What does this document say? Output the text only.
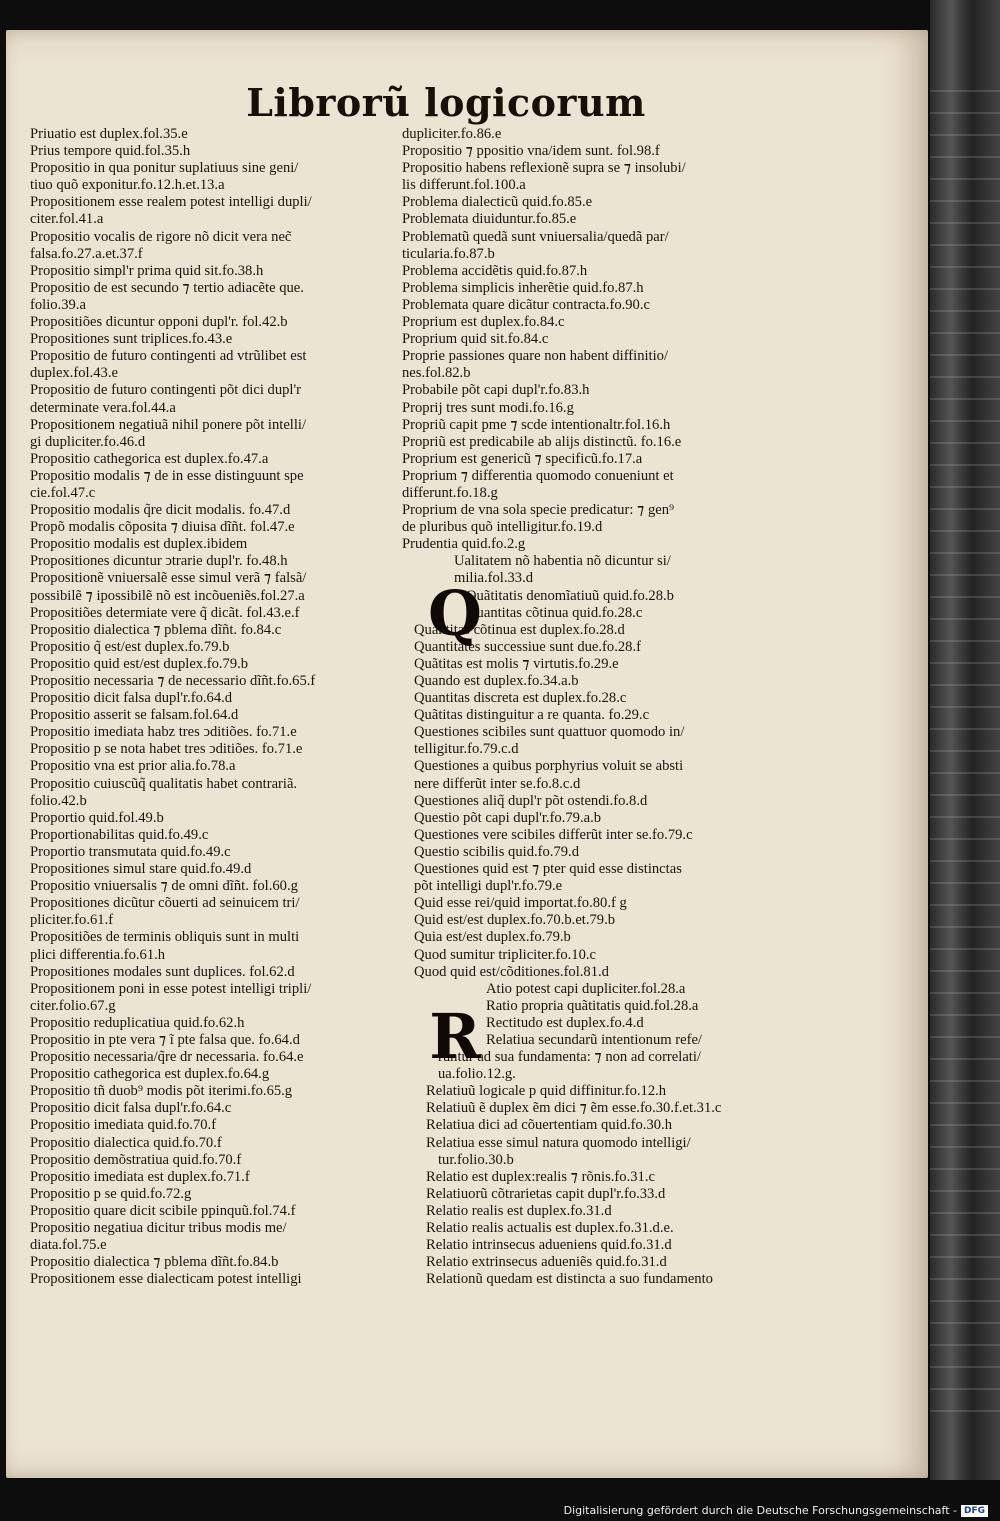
Librorũ logicorum
Priuatio est duplex.fol.35.e
Prius tempore quid.fol.35.h
Propositio in qua ponitur suplatiuus sine geni/
tiuo quõ exponitur.fo.12.h.et.13.a
Propositionem esse realem potest intelligi dupli/
citer.fol.41.a
Propositio vocalis de rigore nõ dicit vera nec̃
falsa.fo.27.a.et.37.f
Propositio simpl'r prima quid sit.fo.38.h
Propositio de est secundo ⁊ tertio adiacẽte que.
folio.39.a
Propositiões dicuntur opponi dupl'r. fol.42.b
Propositiones sunt triplices.fo.43.e
Propositio de futuro contingenti ad vtrũlibet est
duplex.fol.43.e
Propositio de futuro contingenti põt dici dupl'r
determinate vera.fol.44.a
Propositionem negatiuã nihil ponere põt intelli/
gi dupliciter.fo.46.d
Propositio cathegorica est duplex.fo.47.a
Propositio modalis ⁊ de in esse distinguunt spe
cie.fol.47.c
Propositio modalis q̃re dicit modalis. fo.47.d
Propõ modalis cõposita ⁊ diuisa dĩñt. fol.47.e
Propositio modalis est duplex.ibidem
Propositiones dicuntur ↄtrarie dupl'r. fo.48.h
Propositionẽ vniuersalẽ esse simul verã ⁊ falsã/
possibilẽ ⁊ ipossibilẽ nõ est incõueniẽs.fol.27.a
Propositiões determiate vere q̃ dicãt. fol.43.e.f
Propositio dialectica ⁊ pblema dĩñt. fo.84.c
Propositio q̃ est/est duplex.fo.79.b
Propositio quid est/est duplex.fo.79.b
Propositio necessaria ⁊ de necessario dĩñt.fo.65.f
Propositio dicit falsa dupl'r.fo.64.d
Propositio asserit se falsam.fol.64.d
Propositio imediata habz tres ↄditiões. fo.71.e
Propositio p se nota habet tres ↄditiões. fo.71.e
Propositio vna est prior alia.fo.78.a
Propositio cuiuscũq̃ qualitatis habet contrariã.
folio.42.b
Proportio quid.fol.49.b
Proportionabilitas quid.fo.49.c
Proportio transmutata quid.fo.49.c
Propositiones simul stare quid.fo.49.d
Propositio vniuersalis ⁊ de omni dĩñt. fol.60.g
Propositiones dicũtur cõuerti ad seinuicem tri/
pliciter.fo.61.f
Propositiões de terminis obliquis sunt in multi
plici differentia.fo.61.h
Propositiones modales sunt duplices. fol.62.d
Propositionem poni in esse potest intelligi tripli/
citer.folio.67.g
Propositio reduplicatiua quid.fo.62.h
Propositio in pte vera ⁊ ĩ pte falsa que. fo.64.d
Propositio necessaria/q̃re dr necessaria. fo.64.e
Propositio cathegorica est duplex.fo.64.g
Propositio tñ duob⁹ modis põt iterimi.fo.65.g
Propositio dicit falsa dupl'r.fo.64.c
Propositio imediata quid.fo.70.f
Propositio dialectica quid.fo.70.f
Propositio demõstratiua quid.fo.70.f
Propositio imediata est duplex.fo.71.f
Propositio p se quid.fo.72.g
Propositio quare dicit scibile ppinquũ.fol.74.f
Propositio negatiua dicitur tribus modis me/
diata.fol.75.e
Propositio dialectica ⁊ pblema dĩñt.fo.84.b
Propositionem esse dialecticam potest intelligi
dupliciter.fo.86.e
Propositio ⁊ ppositio vna/idem sunt. fol.98.f
Propositio habens reflexionẽ supra se ⁊ insolubi/
lis differunt.fol.100.a
Problema dialecticũ quid.fo.85.e
Problemata diuiduntur.fo.85.e
Problematũ quedã sunt vniuersalia/quedã par/
ticularia.fo.87.b
Problema accidẽtis quid.fo.87.h
Problema simplicis inherẽtie quid.fo.87.h
Problemata quare dicãtur contracta.fo.90.c
Proprium est duplex.fo.84.c
Proprium quid sit.fo.84.c
Proprie passiones quare non habent diffinitio/
nes.fol.82.b
Probabile põt capi dupl'r.fo.83.h
Proprij tres sunt modi.fo.16.g
Propriũ capit pme ⁊ scde intentionaltr.fol.16.h
Propriũ est predicabile ab alijs distinctũ. fo.16.e
Proprium est genericũ ⁊ specificũ.fo.17.a
Proprium ⁊ differentia quomodo conueniunt et
differunt.fo.18.g
Proprium de vna sola specie predicatur: ⁊ gen⁹
de pluribus quõ intelligitur.fo.19.d
Prudentia quid.fo.2.g
Ualitatem nõ habentia nõ dicuntur si/
milia.fol.33.d
Quãtitatis denomĩatiuũ quid.fo.28.b
Quantitas cõtinua quid.fo.28.c
Quantitas cõtinua est duplex.fo.28.d
Quantitates successiue sunt due.fo.28.f
Quãtitas est molis ⁊ virtutis.fo.29.e
Quando est duplex.fo.34.a.b
Quantitas discreta est duplex.fo.28.c
Quãtitas distinguitur a re quanta. fo.29.c
Questiones scibiles sunt quattuor quomodo in/
telligitur.fo.79.c.d
Questiones a quibus porphyrius voluit se absti
nere differũt inter se.fo.8.c.d
Questiones aliq̃ dupl'r põt ostendi.fo.8.d
Questio põt capi dupl'r.fo.79.a.b
Questiones vere scibiles differũt inter se.fo.79.c
Questio scibilis quid.fo.79.d
Questiones quid est ⁊ pter quid esse distinctas
põt intelligi dupl'r.fo.79.e
Quid esse rei/quid importat.fo.80.f g
Quid est/est duplex.fo.70.b.et.79.b
Quia est/est duplex.fo.79.b
Quod sumitur tripliciter.fo.10.c
Quod quid est/cõditiones.fol.81.d
Atio potest capi dupliciter.fol.28.a
Ratio propria quãtitatis quid.fol.28.a
Rectitudo est duplex.fo.4.d
Relatiua secundarũ intentionum refe/
runtur ad sua fundamenta: ⁊ non ad correlati/
ua.folio.12.g.
Relatiuũ logicale p quid diffinitur.fo.12.h
Relatiuũ ẽ duplex ẽm dici ⁊ ẽm esse.fo.30.f.et.31.c
Relatiua dici ad cõuertentiam quid.fo.30.h
Relatiua esse simul natura quomodo intelligi/
tur.folio.30.b
Relatio est duplex:realis ⁊ rõnis.fo.31.c
Relatiuorũ cõtrarietas capit dupl'r.fo.33.d
Relatio realis est duplex.fo.31.d
Relatio realis actualis est duplex.fo.31.d.e.
Relatio intrinsecus adueniens quid.fo.31.d
Relatio extrinsecus adueniẽs quid.fo.31.d
Relationũ quedam est distincta a suo fundamento
Q
R
Digitalisierung gefördert durch die Deutsche Forschungsgemeinschaft - DFG
